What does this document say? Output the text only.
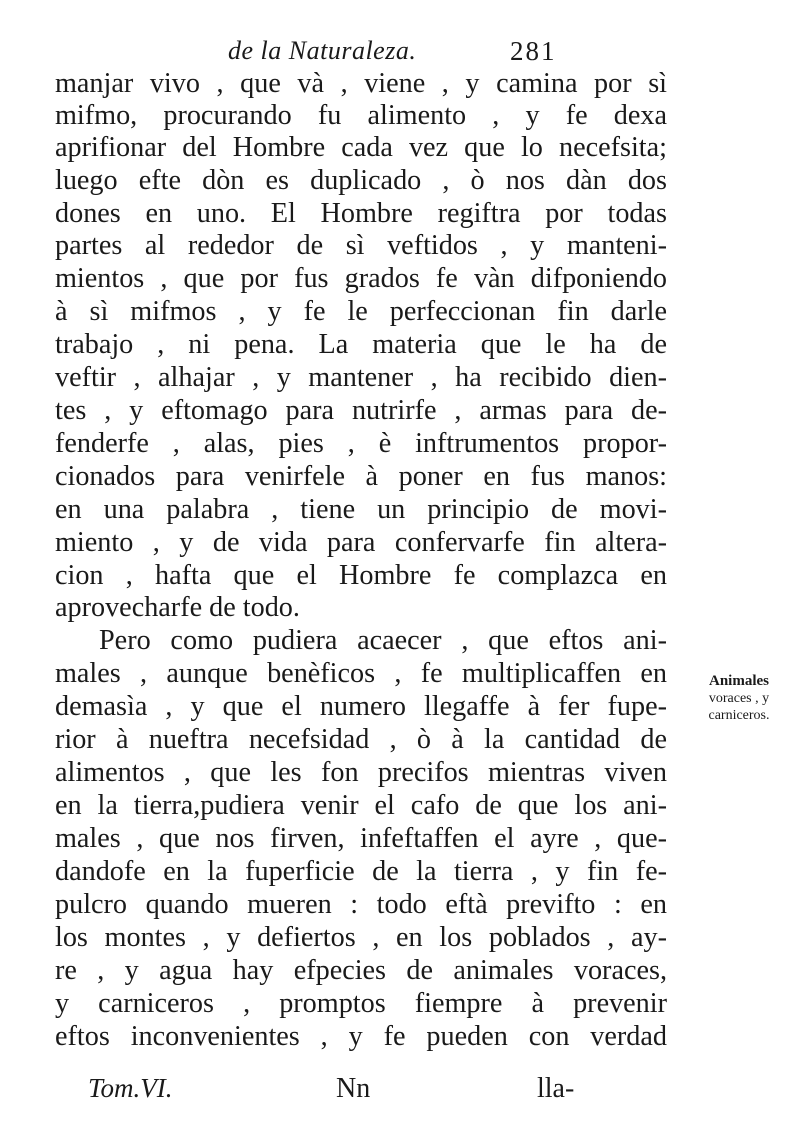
de la Naturaleza.	281
manjar vivo , que và , viene , y camina por sì
mifmo, procurando fu alimento , y fe dexa
aprifionar del Hombre cada vez que lo necefsita;
luego efte dòn es duplicado , ò nos dàn dos
dones en uno. El Hombre regiftra por todas
partes al rededor de sì veftidos , y manteni-
mientos , que por fus grados fe vàn difponiendo
à sì mifmos , y fe le perfeccionan fin darle
trabajo , ni pena. La materia que le ha de
veftir , alhajar , y mantener , ha recibido dien-
tes , y eftomago para nutrirfe , armas para de-
fenderfe , alas, pies , è inftrumentos propor-
cionados para venirfele à poner en fus manos:
en una palabra , tiene un principio de movi-
miento , y de vida para confervarfe fin altera-
cion , hafta que el Hombre fe complazca en
aprovecharfe de todo.
Pero como pudiera acaecer , que eftos ani-
males , aunque benèficos , fe multiplicaffen en
demasìa , y que el numero llegaffe à fer fupe-
rior à nueftra necefsidad , ò à la cantidad de
alimentos , que les fon precifos mientras viven
en la tierra,pudiera venir el cafo de que los ani-
males , que nos firven, infeftaffen el ayre , que-
dandofe en la fuperficie de la tierra , y fin fe-
pulcro quando mueren : todo eftà previfto : en
los montes , y defiertos , en los poblados , ay-
re , y agua hay efpecies de animales voraces,
y carniceros , promptos fiempre à prevenir
eftos inconvenientes , y fe pueden con verdad
Animales
voraces , y
carniceros.
Tom.VI.	Nn	lla-
